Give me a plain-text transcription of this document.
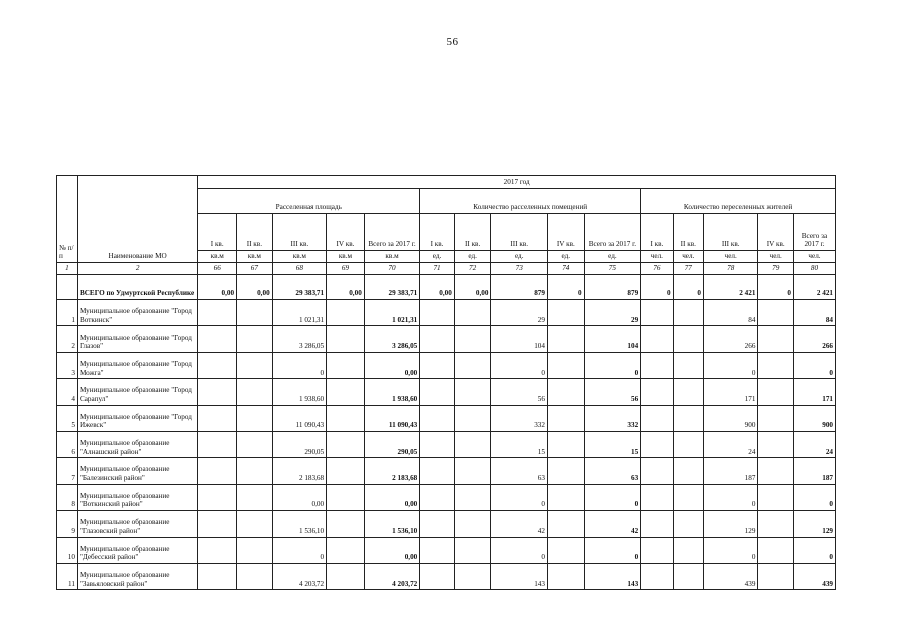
56
№ п/п	Наименование МО	2017 год														
		Расселенная площадь					Количество расселенных помещений					Количество переселенных жителей				
		I кв.	II кв.	III кв.	IV кв.	Всего за 2017 г.	I кв.	II кв.	III кв.	IV кв.	Всего за 2017 г.	I кв.	II кв.	III кв.	IV кв.	Всего за 2017 г.
		кв.м	кв.м	кв.м	кв.м	кв.м	ед.	ед.	ед.	ед.	ед.	чел.	чел.	чел.	чел.	чел.
1	2	66	67	68	69	70	71	72	73	74	75	76	77	78	79	80
	ВСЕГО по Удмуртской Республике	0,00	0,00	29 383,71	0,00	29 383,71	0,00	0,00	879	0	879	0	0	2 421	0	2 421
1	Муниципальное образование "Город Воткинск"			1 021,31		1 021,31			29		29			84		84
2	Муниципальное образование "Город Глазов"			3 286,05		3 286,05			104		104			266		266
3	Муниципальное образование "Город Можга"			0		0,00			0		0			0		0
4	Муниципальное образование "Город Сарапул"			1 938,60		1 938,60			56		56			171		171
5	Муниципальное образование "Город Ижевск"			11 090,43		11 090,43			332		332			900		900
6	Муниципальное образование "Алнашский район"			290,05		290,05			15		15			24		24
7	Муниципальное образование "Балезинский район"			2 183,68		2 183,68			63		63			187		187
8	Муниципальное образование "Воткинский район"			0,00		0,00			0		0			0		0
9	Муниципальное образование "Глазовский район"			1 536,10		1 536,10			42		42			129		129
10	Муниципальное образование "Дебесский район"			0		0,00			0		0			0		0
11	Муниципальное образование "Завьяловский район"			4 203,72		4 203,72			143		143			439		439
